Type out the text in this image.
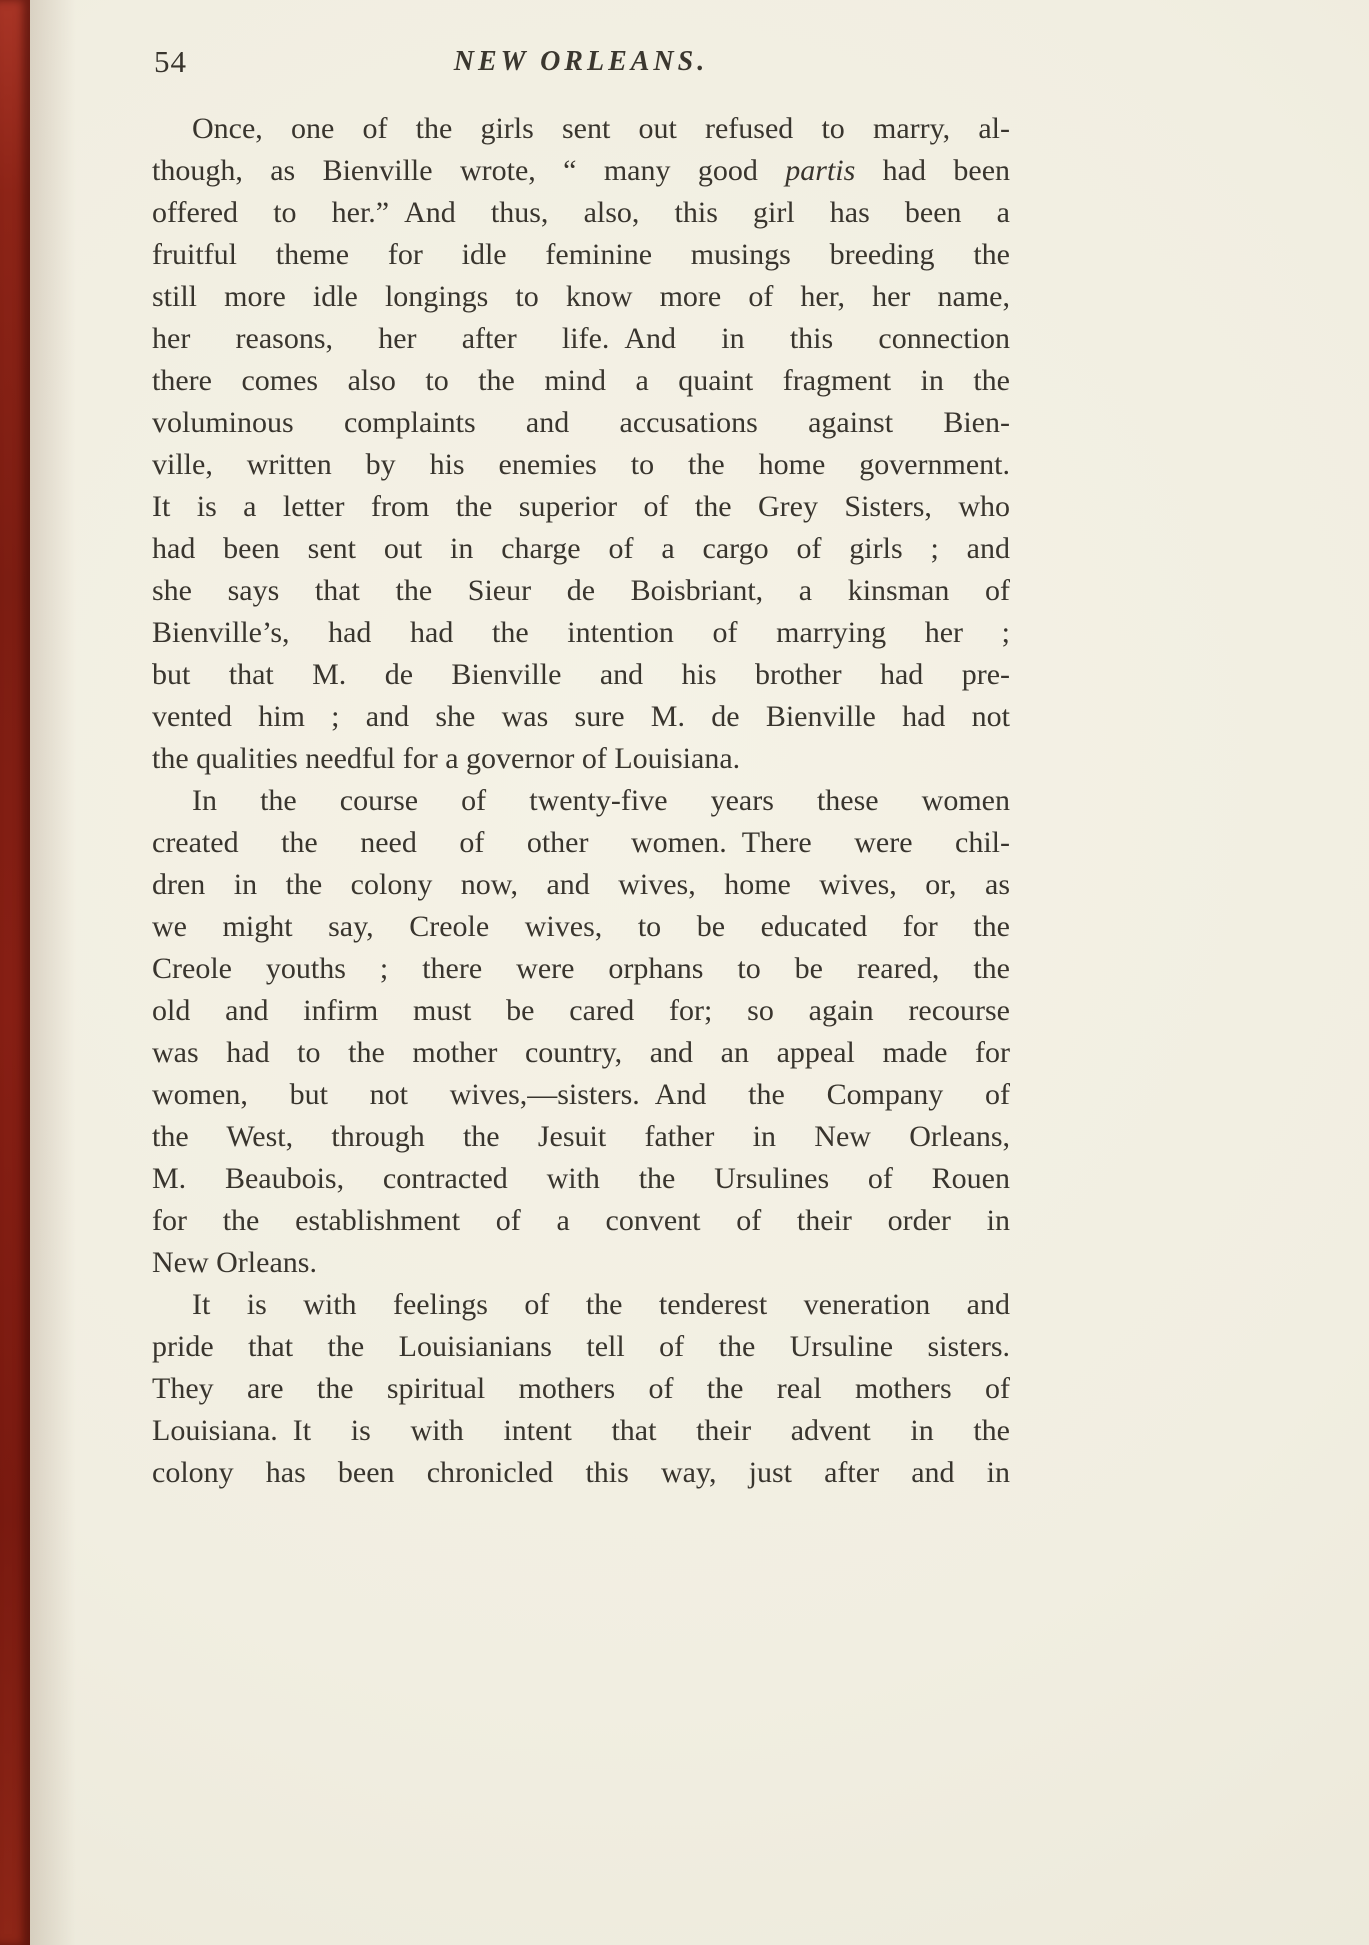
54	NEW ORLEANS.
Once, one of the girls sent out refused to marry, al-
though, as Bienville wrote, “ many good partis had been
offered to her.” And thus, also, this girl has been a
fruitful theme for idle feminine musings breeding the
still more idle longings to know more of her, her name,
her reasons, her after life. And in this connection
there comes also to the mind a quaint fragment in the
voluminous complaints and accusations against Bien-
ville, written by his enemies to the home government.
It is a letter from the superior of the Grey Sisters, who
had been sent out in charge of a cargo of girls ; and
she says that the Sieur de Boisbriant, a kinsman of
Bienville’s, had had the intention of marrying her ;
but that M. de Bienville and his brother had pre-
vented him ; and she was sure M. de Bienville had not
the qualities needful for a governor of Louisiana.
In the course of twenty-five years these women
created the need of other women. There were chil-
dren in the colony now, and wives, home wives, or, as
we might say, Creole wives, to be educated for the
Creole youths ; there were orphans to be reared, the
old and infirm must be cared for; so again recourse
was had to the mother country, and an appeal made for
women, but not wives,—sisters. And the Company of
the West, through the Jesuit father in New Orleans,
M. Beaubois, contracted with the Ursulines of Rouen
for the establishment of a convent of their order in
New Orleans.
It is with feelings of the tenderest veneration and
pride that the Louisianians tell of the Ursuline sisters.
They are the spiritual mothers of the real mothers of
Louisiana. It is with intent that their advent in the
colony has been chronicled this way, just after and in
